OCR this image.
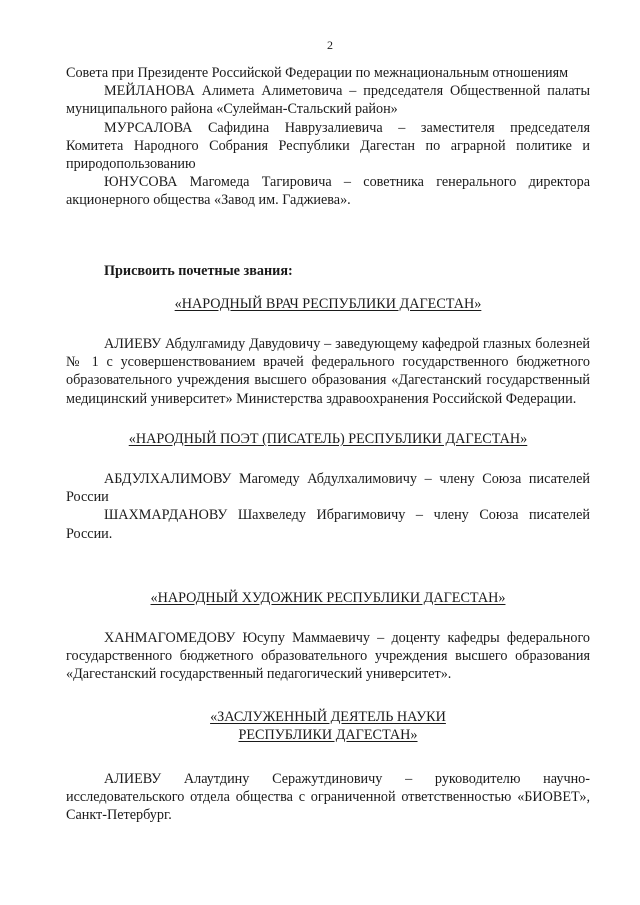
2

Совета при Президенте Российской Федерации по межнациональным отношениям

МЕЙЛАНОВА Алимета Алиметовича – председателя Общественной палаты муниципального района «Сулейман-Стальский район»

МУРСАЛОВА Сафидина Наврузалиевича – заместителя председателя Комитета Народного Собрания Республики Дагестан по аграрной политике и природопользованию

ЮНУСОВА Магомеда Тагировича – советника генерального директора акционерного общества «Завод им. Гаджиева».

Присвоить почетные звания:

«НАРОДНЫЙ ВРАЧ РЕСПУБЛИКИ ДАГЕСТАН»

АЛИЕВУ Абдулгамиду Давудовичу – заведующему кафедрой глазных болезней № 1 с усовершенствованием врачей федерального государственного бюджетного образовательного учреждения высшего образования «Дагестанский государственный медицинский университет» Министерства здравоохранения Российской Федерации.

«НАРОДНЫЙ ПОЭТ (ПИСАТЕЛЬ) РЕСПУБЛИКИ ДАГЕСТАН»

АБДУЛХАЛИМОВУ Магомеду Абдулхалимовичу – члену Союза писателей России

ШАХМАРДАНОВУ Шахвеледу Ибрагимовичу – члену Союза писателей России.

«НАРОДНЫЙ ХУДОЖНИК РЕСПУБЛИКИ ДАГЕСТАН»

ХАНМАГОМЕДОВУ Юсупу Маммаевичу – доценту кафедры федерального государственного бюджетного образовательного учреждения высшего образования «Дагестанский государственный педагогический университет».

«ЗАСЛУЖЕННЫЙ ДЕЯТЕЛЬ НАУКИ
РЕСПУБЛИКИ ДАГЕСТАН»

АЛИЕВУ Алаутдину Серажутдиновичу – руководителю научно-исследовательского отдела общества с ограниченной ответственностью «БИОВЕТ», Санкт-Петербург.
